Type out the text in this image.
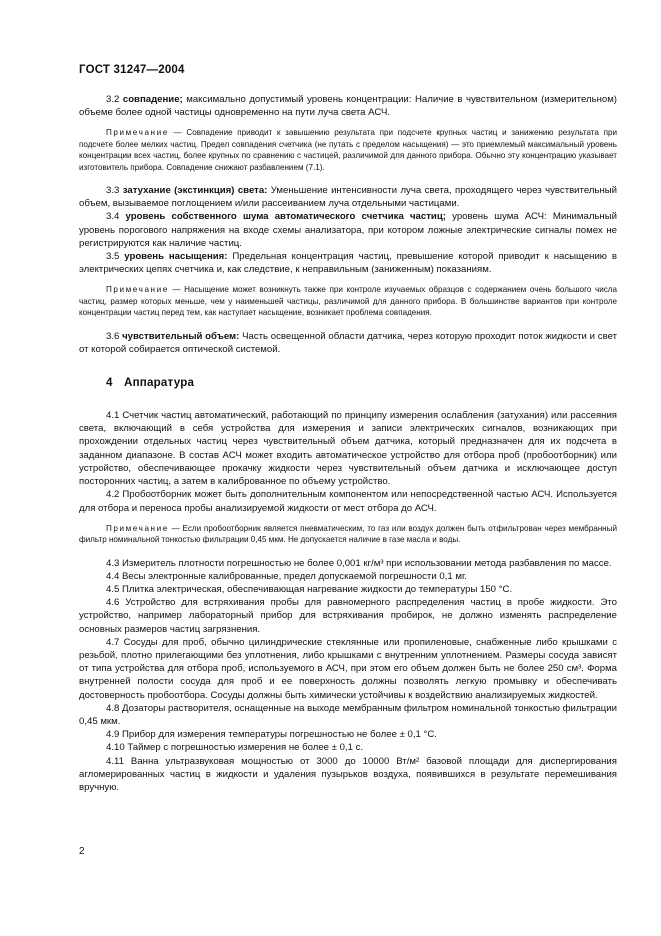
ГОСТ 31247—2004

3.2 совпадение; максимально допустимый уровень концентрации: Наличие в чувствительном (измерительном) объеме более одной частицы одновременно на пути луча света АСЧ.

Примечание — Совпадение приводит к завышению результата при подсчете крупных частиц и занижению результата при подсчете более мелких частиц. Предел совпадения счетчика (не путать с пределом насыщения) — это приемлемый максимальный уровень концентрации всех частиц, более крупных по сравнению с частицей, различимой для данного прибора. Обычно эту концентрацию указывает изготовитель прибора. Совпадение снижают разбавлением (7.1).

3.3 затухание (экстинкция) света: Уменьшение интенсивности луча света, проходящего через чувствительный объем, вызываемое поглощением и/или рассеиванием луча отдельными частицами.

3.4 уровень собственного шума автоматического счетчика частиц; уровень шума АСЧ: Минимальный уровень порогового напряжения на входе схемы анализатора, при котором ложные электрические сигналы помех не регистрируются как наличие частиц.

3.5 уровень насыщения: Предельная концентрация частиц, превышение которой приводит к насыщению в электрических цепях счетчика и, как следствие, к неправильным (заниженным) показаниям.

Примечание — Насыщение может возникнуть также при контроле изучаемых образцов с содержанием очень большого числа частиц, размер которых меньше, чем у наименьшей частицы, различимой для данного прибора. В большинстве вариантов при контроле концентрации частиц перед тем, как наступает насыщение, возникает проблема совпадения.

3.6 чувствительный объем: Часть освещенной области датчика, через которую проходит поток жидкости и свет от которой собирается оптической системой.

4 Аппаратура

4.1 Счетчик частиц автоматический, работающий по принципу измерения ослабления (затухания) или рассеяния света, включающий в себя устройства для измерения и записи электрических сигналов, возникающих при прохождении отдельных частиц через чувствительный объем датчика, который предназначен для их подсчета в заданном диапазоне. В состав АСЧ может входить автоматическое устройство для отбора проб (пробоотборник) или устройство, обеспечивающее прокачку жидкости через чувствительный объем датчика и исключающее доступ посторонних частиц, а затем в калиброванное по объему устройство.

4.2 Пробоотборник может быть дополнительным компонентом или непосредственной частью АСЧ. Используется для отбора и переноса пробы анализируемой жидкости от мест отбора до АСЧ.

Примечание — Если пробоотборник является пневматическим, то газ или воздух должен быть отфильтрован через мембранный фильтр номинальной тонкостью фильтрации 0,45 мкм. Не допускается наличие в газе масла и воды.

4.3 Измеритель плотности погрешностью не более 0,001 кг/м³ при использовании метода разбавления по массе.

4.4 Весы электронные калиброванные, предел допускаемой погрешности 0,1 мг.

4.5 Плитка электрическая, обеспечивающая нагревание жидкости до температуры 150 °С.

4.6 Устройство для встряхивания пробы для равномерного распределения частиц в пробе жидкости. Это устройство, например лабораторный прибор для встряхивания пробирок, не должно изменять распределение основных размеров частиц загрязнения.

4.7 Сосуды для проб, обычно цилиндрические стеклянные или пропиленовые, снабженные либо крышками с резьбой, плотно прилегающими без уплотнения, либо крышками с внутренним уплотнением. Размеры сосуда зависят от типа устройства для отбора проб, используемого в АСЧ, при этом его объем должен быть не более 250 см³. Форма внутренней полости сосуда для проб и ее поверхность должны позволять легкую промывку и обеспечивать достоверность пробоотбора. Сосуды должны быть химически устойчивы к воздействию анализируемых жидкостей.

4.8 Дозаторы растворителя, оснащенные на выходе мембранным фильтром номинальной тонкостью фильтрации 0,45 мкм.

4.9 Прибор для измерения температуры погрешностью не более ± 0,1 °С.

4.10 Таймер с погрешностью измерения не более ± 0,1 с.

4.11 Ванна ультразвуковая мощностью от 3000 до 10000 Вт/м² базовой площади для диспергирования агломерированных частиц в жидкости и удаления пузырьков воздуха, появившихся в результате перемешивания вручную.

2
